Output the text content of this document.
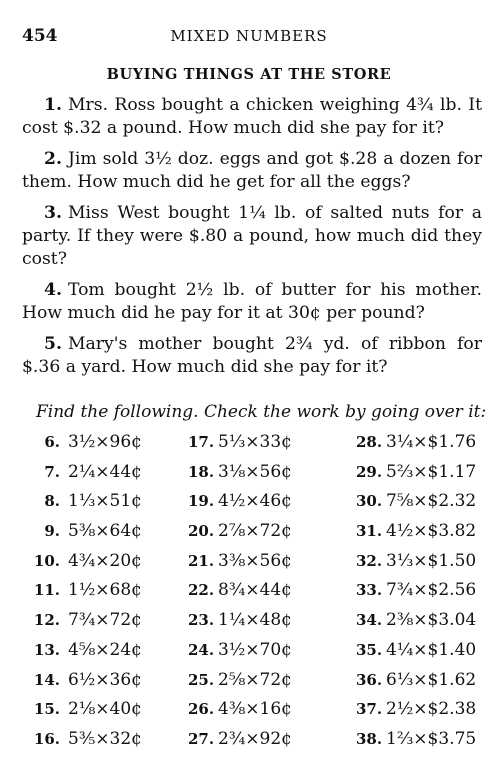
454	MIXED NUMBERS
BUYING THINGS AT THE STORE

1. Mrs. Ross bought a chicken weighing 4¾ lb. It cost $.32 a pound. How much did she pay for it?

2. Jim sold 3½ doz. eggs and got $.28 a dozen for them. How much did he get for all the eggs?

3. Miss West bought 1¼ lb. of salted nuts for a party. If they were $.80 a pound, how much did they cost?

4. Tom bought 2½ lb. of butter for his mother. How much did he pay for it at 30¢ per pound?

5. Mary's mother bought 2¾ yd. of ribbon for $.36 a yard. How much did she pay for it?

Find the following. Check the work by going over it:
6. 3½×96¢
7. 2¼×44¢
8. 1⅓×51¢
9. 5⅜×64¢
10. 4¾×20¢
11. 1½×68¢
12. 7¾×72¢
13. 4⅝×24¢
14. 6½×36¢
15. 2⅛×40¢
16. 5⅗×32¢
17. 5⅓×33¢
18. 3⅛×56¢
19. 4½×46¢
20. 2⅞×72¢
21. 3⅜×56¢
22. 8¾×44¢
23. 1¼×48¢
24. 3½×70¢
25. 2⅝×72¢
26. 4⅜×16¢
27. 2¾×92¢
28. 3¼×$1.76
29. 5⅔×$1.17
30. 7⅝×$2.32
31. 4½×$3.82
32. 3⅓×$1.50
33. 7¾×$2.56
34. 2⅜×$3.04
35. 4¼×$1.40
36. 6⅓×$1.62
37. 2½×$2.38
38. 1⅔×$3.75
